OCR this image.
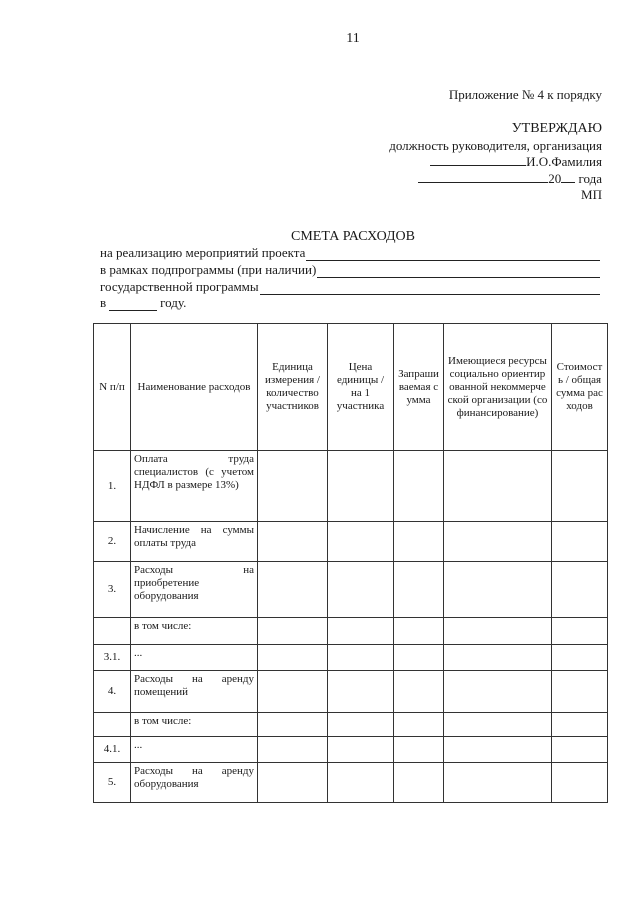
11
Приложение № 4 к порядку
УТВЕРЖДАЮ
должность руководителя, организация
И.О.Фамилия
20 года
МП
СМЕТА РАСХОДОВ
на реализацию мероприятий проекта
в рамках подпрограммы (при наличии)
государственной программы
в	году.
N п/п	Наименование расходов	Единица измерения / количество участников	Цена единицы / на 1 участника	Запрашиваемая сумма	Имеющиеся ресурсы социально ориентированной некоммерческой организации (софинансирование)	Стоимость / общая сумма расходов
1.	Оплата труда специалистов (с учетом НДФЛ в размере 13%)					
2.	Начисление на суммы оплаты труда					
3.	Расходы на приобретение оборудования					
	в том числе:					
3.1.	...					
4.	Расходы на аренду помещений					
	в том числе:					
4.1.	...					
5.	Расходы на аренду оборудования					
